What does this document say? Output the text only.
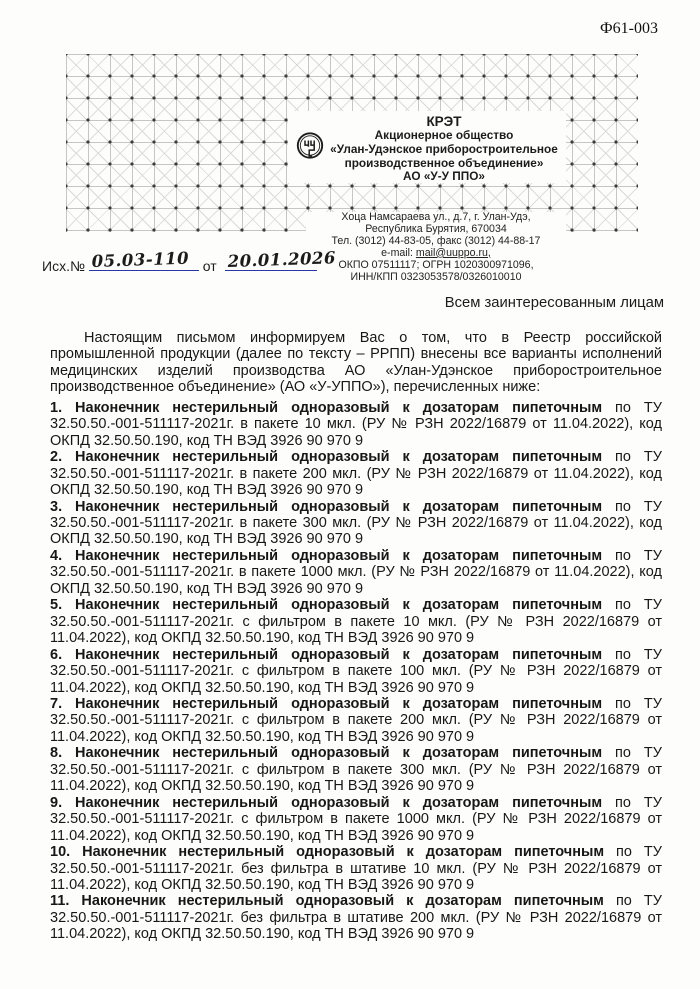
Ф61-003
КРЭТ
Акционерное общество
«Улан-Удэнское приборостроительное
производственное объединение»
АО «У-У ППО»
Хоца Намсараева ул., д.7, г. Улан-Удэ,
Республика Бурятия, 670034
Тел. (3012) 44-83-05, факс (3012) 44-88-17
e-mail: mail@uuppo.ru,
ОКПО 07511117; ОГРН 1020300971096,
ИНН/КПП 0323053578/0326010010
Исх.№ 05.03-110 от 20.01.2026
Всем заинтересованным лицам

Настоящим письмом информируем Вас о том, что в Реестр российской промышленной продукции (далее по тексту – РРПП) внесены все варианты исполнений медицинских изделий производства АО «Улан-Удэнское приборостроительное производственное объединение» (АО «У-УППО»), перечисленных ниже:

1. Наконечник нестерильный одноразовый к дозаторам пипеточным по ТУ 32.50.50.-001-511117-2021г. в пакете 10 мкл. (РУ № РЗН 2022/16879 от 11.04.2022), код ОКПД 32.50.50.190, код ТН ВЭД 3926 90 970 9

2. Наконечник нестерильный одноразовый к дозаторам пипеточным по ТУ 32.50.50.-001-511117-2021г. в пакете 200 мкл. (РУ № РЗН 2022/16879 от 11.04.2022), код ОКПД 32.50.50.190, код ТН ВЭД 3926 90 970 9

3. Наконечник нестерильный одноразовый к дозаторам пипеточным по ТУ 32.50.50.-001-511117-2021г. в пакете 300 мкл. (РУ № РЗН 2022/16879 от 11.04.2022), код ОКПД 32.50.50.190, код ТН ВЭД 3926 90 970 9

4. Наконечник нестерильный одноразовый к дозаторам пипеточным по ТУ 32.50.50.-001-511117-2021г. в пакете 1000 мкл. (РУ № РЗН 2022/16879 от 11.04.2022), код ОКПД 32.50.50.190, код ТН ВЭД 3926 90 970 9

5. Наконечник нестерильный одноразовый к дозаторам пипеточным по ТУ 32.50.50.-001-511117-2021г. с фильтром в пакете 10 мкл. (РУ № РЗН 2022/16879 от 11.04.2022), код ОКПД 32.50.50.190, код ТН ВЭД 3926 90 970 9

6. Наконечник нестерильный одноразовый к дозаторам пипеточным по ТУ 32.50.50.-001-511117-2021г. с фильтром в пакете 100 мкл. (РУ № РЗН 2022/16879 от 11.04.2022), код ОКПД 32.50.50.190, код ТН ВЭД 3926 90 970 9

7. Наконечник нестерильный одноразовый к дозаторам пипеточным по ТУ 32.50.50.-001-511117-2021г. с фильтром в пакете 200 мкл. (РУ № РЗН 2022/16879 от 11.04.2022), код ОКПД 32.50.50.190, код ТН ВЭД 3926 90 970 9

8. Наконечник нестерильный одноразовый к дозаторам пипеточным по ТУ 32.50.50.-001-511117-2021г. с фильтром в пакете 300 мкл. (РУ № РЗН 2022/16879 от 11.04.2022), код ОКПД 32.50.50.190, код ТН ВЭД 3926 90 970 9

9. Наконечник нестерильный одноразовый к дозаторам пипеточным по ТУ 32.50.50.-001-511117-2021г. с фильтром в пакете 1000 мкл. (РУ № РЗН 2022/16879 от 11.04.2022), код ОКПД 32.50.50.190, код ТН ВЭД 3926 90 970 9

10. Наконечник нестерильный одноразовый к дозаторам пипеточным по ТУ 32.50.50.-001-511117-2021г. без фильтра в штативе 10 мкл. (РУ № РЗН 2022/16879 от 11.04.2022), код ОКПД 32.50.50.190, код ТН ВЭД 3926 90 970 9

11. Наконечник нестерильный одноразовый к дозаторам пипеточным по ТУ 32.50.50.-001-511117-2021г. без фильтра в штативе 200 мкл. (РУ № РЗН 2022/16879 от 11.04.2022), код ОКПД 32.50.50.190, код ТН ВЭД 3926 90 970 9
